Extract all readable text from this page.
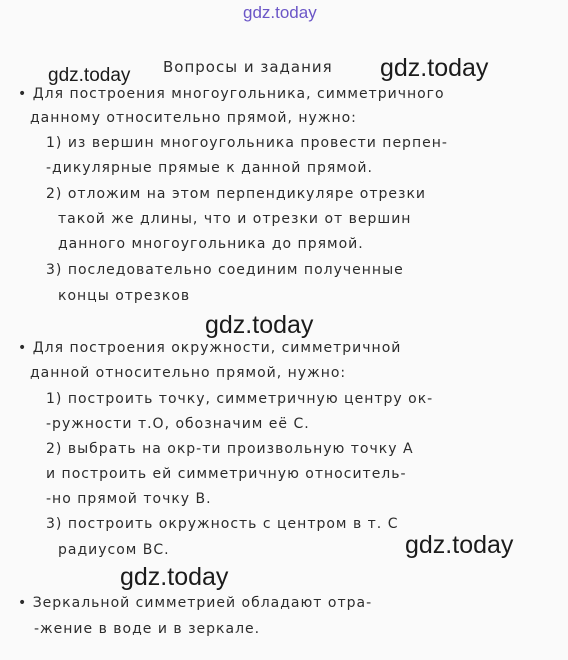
gdz.today
gdz.today	gdz.today
gdz.today
gdz.today
gdz.today

Вопросы и задания

• Для построения многоугольника, симметричного

данному относительно прямой, нужно:

1) из вершин многоугольника провести перпен-

-дикулярные прямые к данной прямой.

2) отложим на этом перпендикуляре отрезки

такой же длины, что и отрезки от вершин

данного многоугольника до прямой.

3) последовательно соединим полученные

концы отрезков

• Для построения окружности, симметричной

данной относительно прямой, нужно:

1) построить точку, симметричную центру ок-

-ружности т.О, обозначим её С.

2) выбрать на окр-ти произвольную точку А

и построить ей симметричную относитель-

-но прямой точку В.

3) построить окружность с центром в т. С

радиусом ВС.

• Зеркальной симметрией обладают отра-

-жение в воде и в зеркале.
